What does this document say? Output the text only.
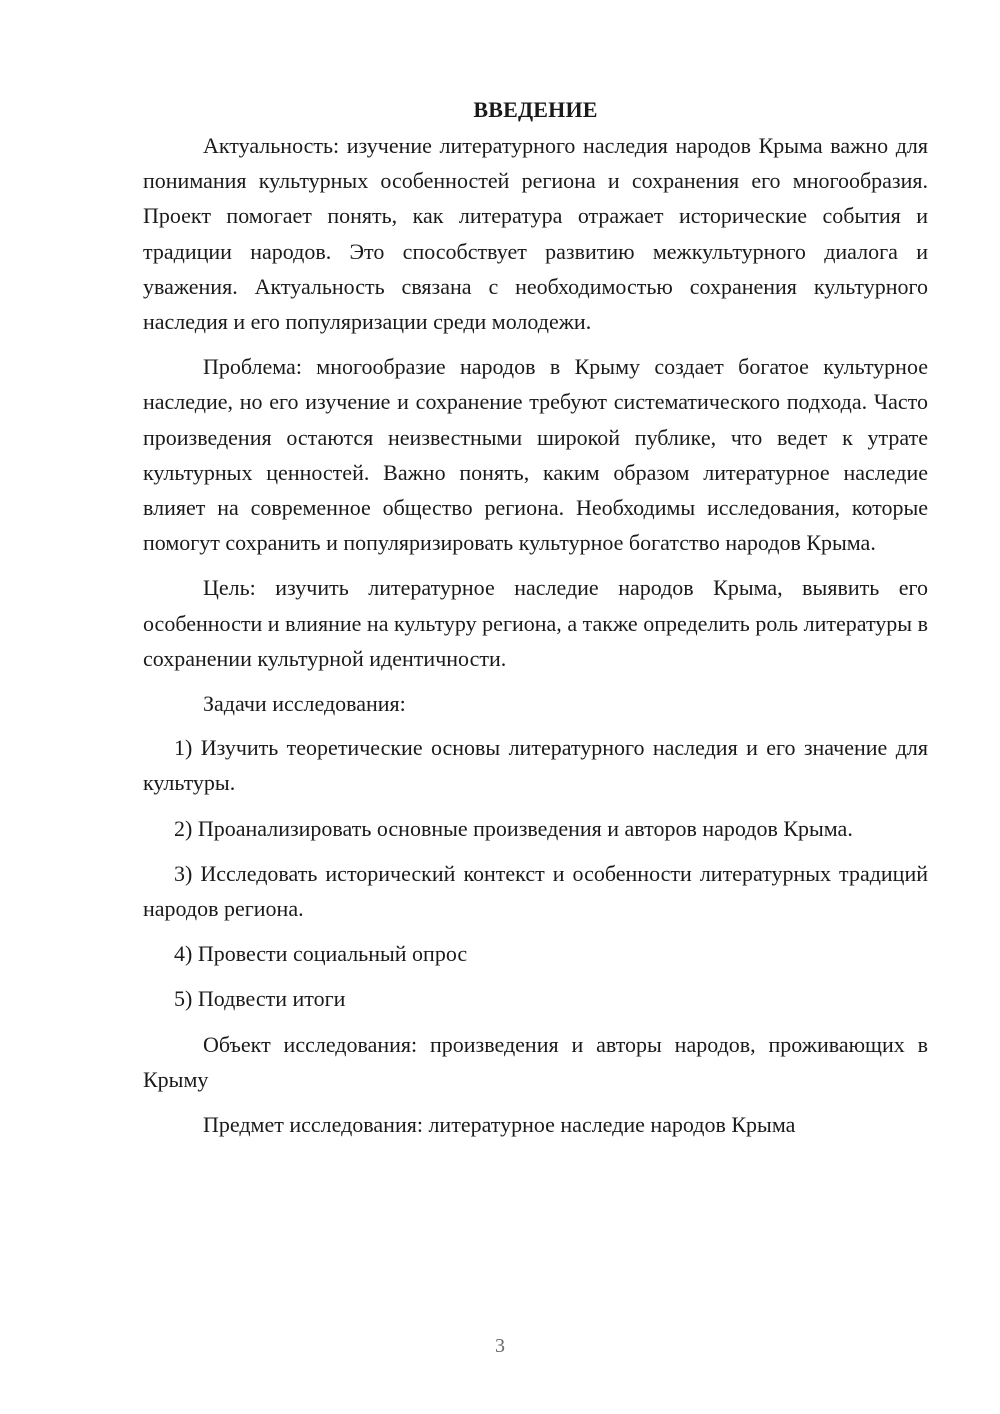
ВВЕДЕНИЕ

Актуальность: изучение литературного наследия народов Крыма важно для понимания культурных особенностей региона и сохранения его многообразия. Проект помогает понять, как литература отражает исторические события и традиции народов. Это способствует развитию межкультурного диалога и уважения. Актуальность связана с необходимостью сохранения культурного наследия и его популяризации среди молодежи.

Проблема: многообразие народов в Крыму создает богатое культурное наследие, но его изучение и сохранение требуют систематического подхода. Часто произведения остаются неизвестными широкой публике, что ведет к утрате культурных ценностей. Важно понять, каким образом литературное наследие влияет на современное общество региона. Необходимы исследования, которые помогут сохранить и популяризировать культурное богатство народов Крыма.

Цель: изучить литературное наследие народов Крыма, выявить его особенности и влияние на культуру региона, а также определить роль литературы в сохранении культурной идентичности.

Задачи исследования:

1) Изучить теоретические основы литературного наследия и его значение для культуры.

2) Проанализировать основные произведения и авторов народов Крыма.

3) Исследовать исторический контекст и особенности литературных традиций народов региона.

4) Провести социальный опрос

5) Подвести итоги

Объект исследования: произведения и авторы народов, проживающих в Крыму

Предмет исследования: литературное наследие народов Крыма

3
